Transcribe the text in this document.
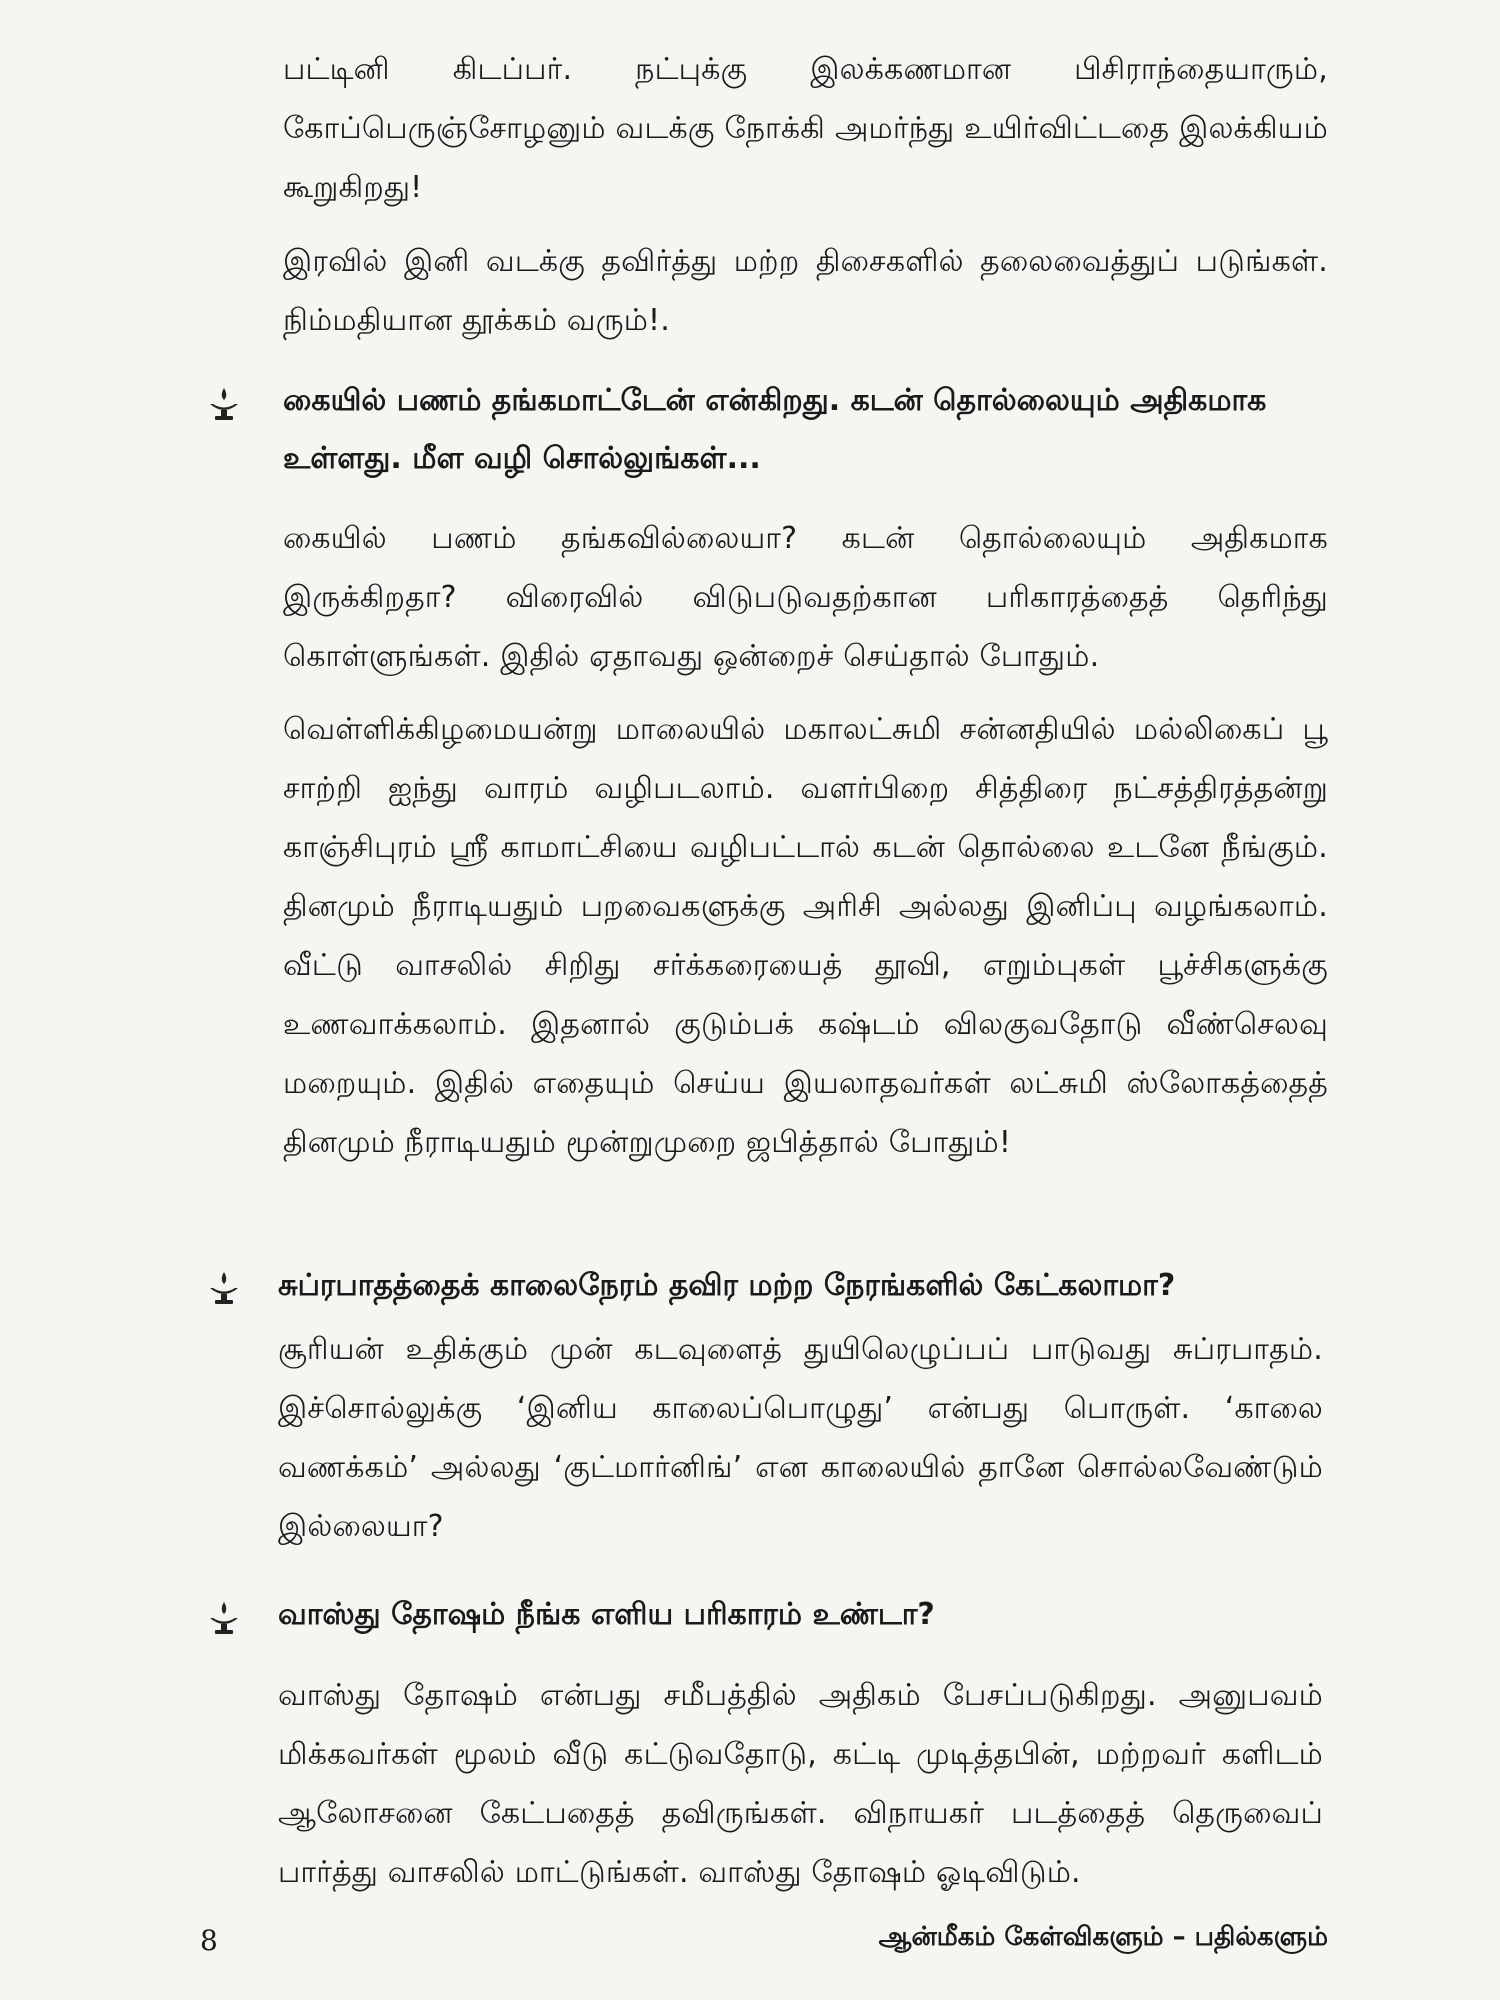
பட்டினி கிடப்பர். நட்புக்கு இலக்கணமான பிசிராந்தையாரும், கோப்பெருஞ்சோழனும் வடக்கு நோக்கி அமர்ந்து உயிர்விட்டதை இலக்கியம் கூறுகிறது!

இரவில் இனி வடக்கு தவிர்த்து மற்ற திசைகளில் தலைவைத்துப் படுங்கள். நிம்மதியான தூக்கம் வரும்!.

கையில் பணம் தங்கமாட்டேன் என்கிறது. கடன் தொல்லையும் அதிகமாக உள்ளது. மீள வழி சொல்லுங்கள்...

கையில் பணம் தங்கவில்லையா? கடன் தொல்லையும் அதிகமாக இருக்கிறதா? விரைவில் விடுபடுவதற்கான பரிகாரத்தைத் தெரிந்து கொள்ளுங்கள். இதில் ஏதாவது ஒன்றைச் செய்தால் போதும்.

வெள்ளிக்கிழமையன்று மாலையில் மகாலட்சுமி சன்னதியில் மல்லிகைப் பூ சாற்றி ஐந்து வாரம் வழிபடலாம். வளர்பிறை சித்திரை நட்சத்திரத்தன்று காஞ்சிபுரம் ஸ்ரீ காமாட்சியை வழிபட்டால் கடன் தொல்லை உடனே நீங்கும். தினமும் நீராடியதும் பறவைகளுக்கு அரிசி அல்லது இனிப்பு வழங்கலாம். வீட்டு வாசலில் சிறிது சர்க்கரையைத் தூவி, எறும்புகள் பூச்சிகளுக்கு உணவாக்கலாம். இதனால் குடும்பக் கஷ்டம் விலகுவதோடு வீண்செலவு மறையும். இதில் எதையும் செய்ய இயலாதவர்கள் லட்சுமி ஸ்லோகத்தைத் தினமும் நீராடியதும் மூன்றுமுறை ஜபித்தால் போதும்!

சுப்ரபாதத்தைக் காலைநேரம் தவிர மற்ற நேரங்களில் கேட்கலாமா?

சூரியன் உதிக்கும் முன் கடவுளைத் துயிலெழுப்பப் பாடுவது சுப்ரபாதம். இச்சொல்லுக்கு ‘இனிய காலைப்பொழுது’ என்பது பொருள். ‘காலை வணக்கம்’ அல்லது ‘குட்மார்னிங்’ என காலையில் தானே சொல்லவேண்டும் இல்லையா?

வாஸ்து தோஷம் நீங்க எளிய பரிகாரம் உண்டா?

வாஸ்து தோஷம் என்பது சமீபத்தில் அதிகம் பேசப்படுகிறது. அனுபவம் மிக்கவர்கள் மூலம் வீடு கட்டுவதோடு, கட்டி முடித்தபின், மற்றவர் களிடம் ஆலோசனை கேட்பதைத் தவிருங்கள். விநாயகர் படத்தைத் தெருவைப் பார்த்து வாசலில் மாட்டுங்கள். வாஸ்து தோஷம் ஓடிவிடும்.

8	ஆன்மீகம் கேள்விகளும் – பதில்களும்
